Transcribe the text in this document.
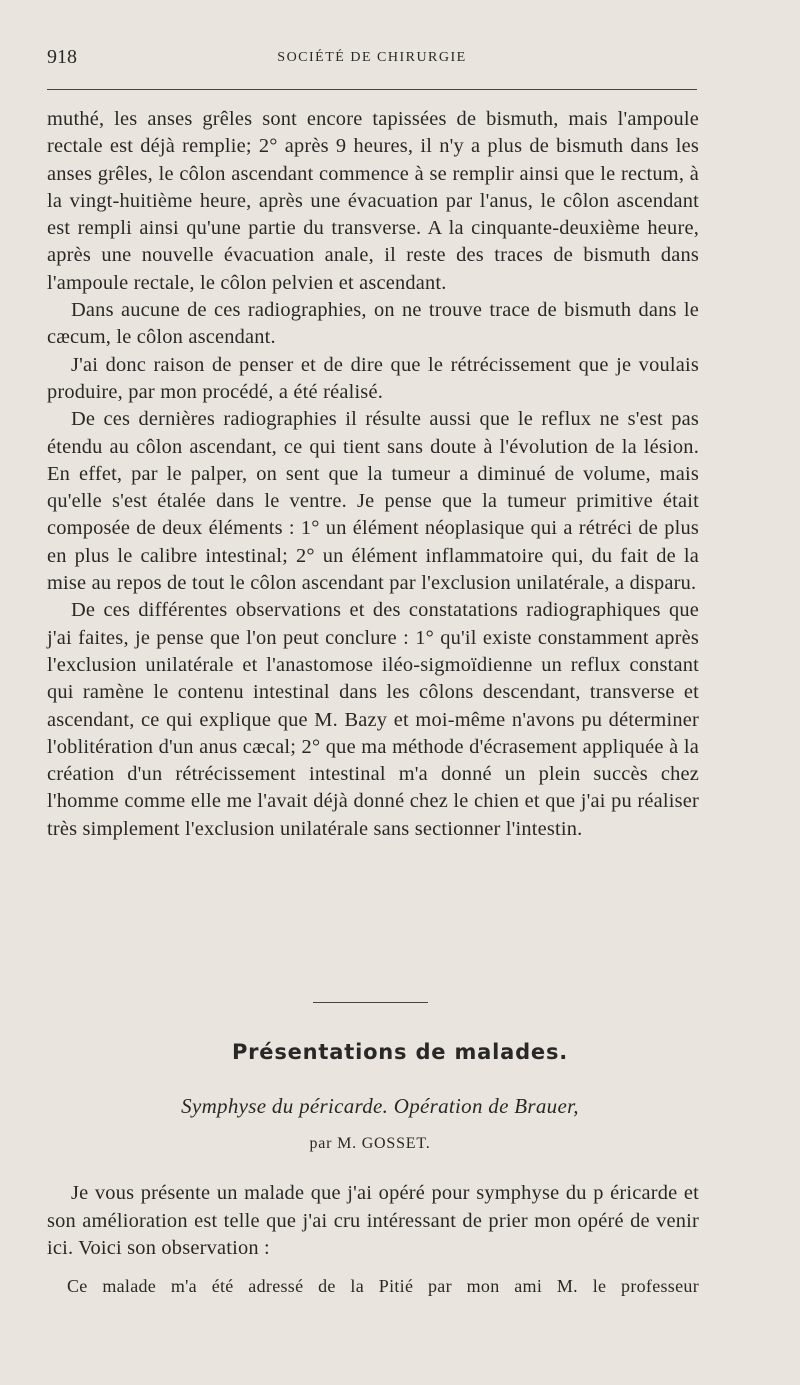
918	SOCIÉTÉ DE CHIRURGIE

muthé, les anses grêles sont encore tapissées de bismuth, mais l'ampoule rectale est déjà remplie; 2° après 9 heures, il n'y a plus de bismuth dans les anses grêles, le côlon ascendant commence à se remplir ainsi que le rectum, à la vingt-huitième heure, après une évacuation par l'anus, le côlon ascendant est rempli ainsi qu'une partie du transverse. A la cinquante-deuxième heure, après une nouvelle évacuation anale, il reste des traces de bismuth dans l'ampoule rectale, le côlon pelvien et ascendant.

Dans aucune de ces radiographies, on ne trouve trace de bismuth dans le cæcum, le côlon ascendant.

J'ai donc raison de penser et de dire que le rétrécissement que je voulais produire, par mon procédé, a été réalisé.

De ces dernières radiographies il résulte aussi que le reflux ne s'est pas étendu au côlon ascendant, ce qui tient sans doute à l'évolution de la lésion. En effet, par le palper, on sent que la tumeur a diminué de volume, mais qu'elle s'est étalée dans le ventre. Je pense que la tumeur primitive était composée de deux éléments : 1° un élément néoplasique qui a rétréci de plus en plus le calibre intestinal; 2° un élément inflammatoire qui, du fait de la mise au repos de tout le côlon ascendant par l'exclusion unilatérale, a disparu.

De ces différentes observations et des constatations radiographiques que j'ai faites, je pense que l'on peut conclure : 1° qu'il existe constamment après l'exclusion unilatérale et l'anastomose iléo-sigmoïdienne un reflux constant qui ramène le contenu intestinal dans les côlons descendant, transverse et ascendant, ce qui explique que M. Bazy et moi-même n'avons pu déterminer l'oblitération d'un anus cæcal; 2° que ma méthode d'écrasement appliquée à la création d'un rétrécissement intestinal m'a donné un plein succès chez l'homme comme elle me l'avait déjà donné chez le chien et que j'ai pu réaliser très simplement l'exclusion unilatérale sans sectionner l'intestin.

Présentations de malades.
Symphyse du péricarde. Opération de Brauer,
par M. GOSSET.

Je vous présente un malade que j'ai opéré pour symphyse du p éricarde et son amélioration est telle que j'ai cru intéressant de prier mon opéré de venir ici. Voici son observation :

Ce malade m'a été adressé de la Pitié par mon ami M. le professeur
